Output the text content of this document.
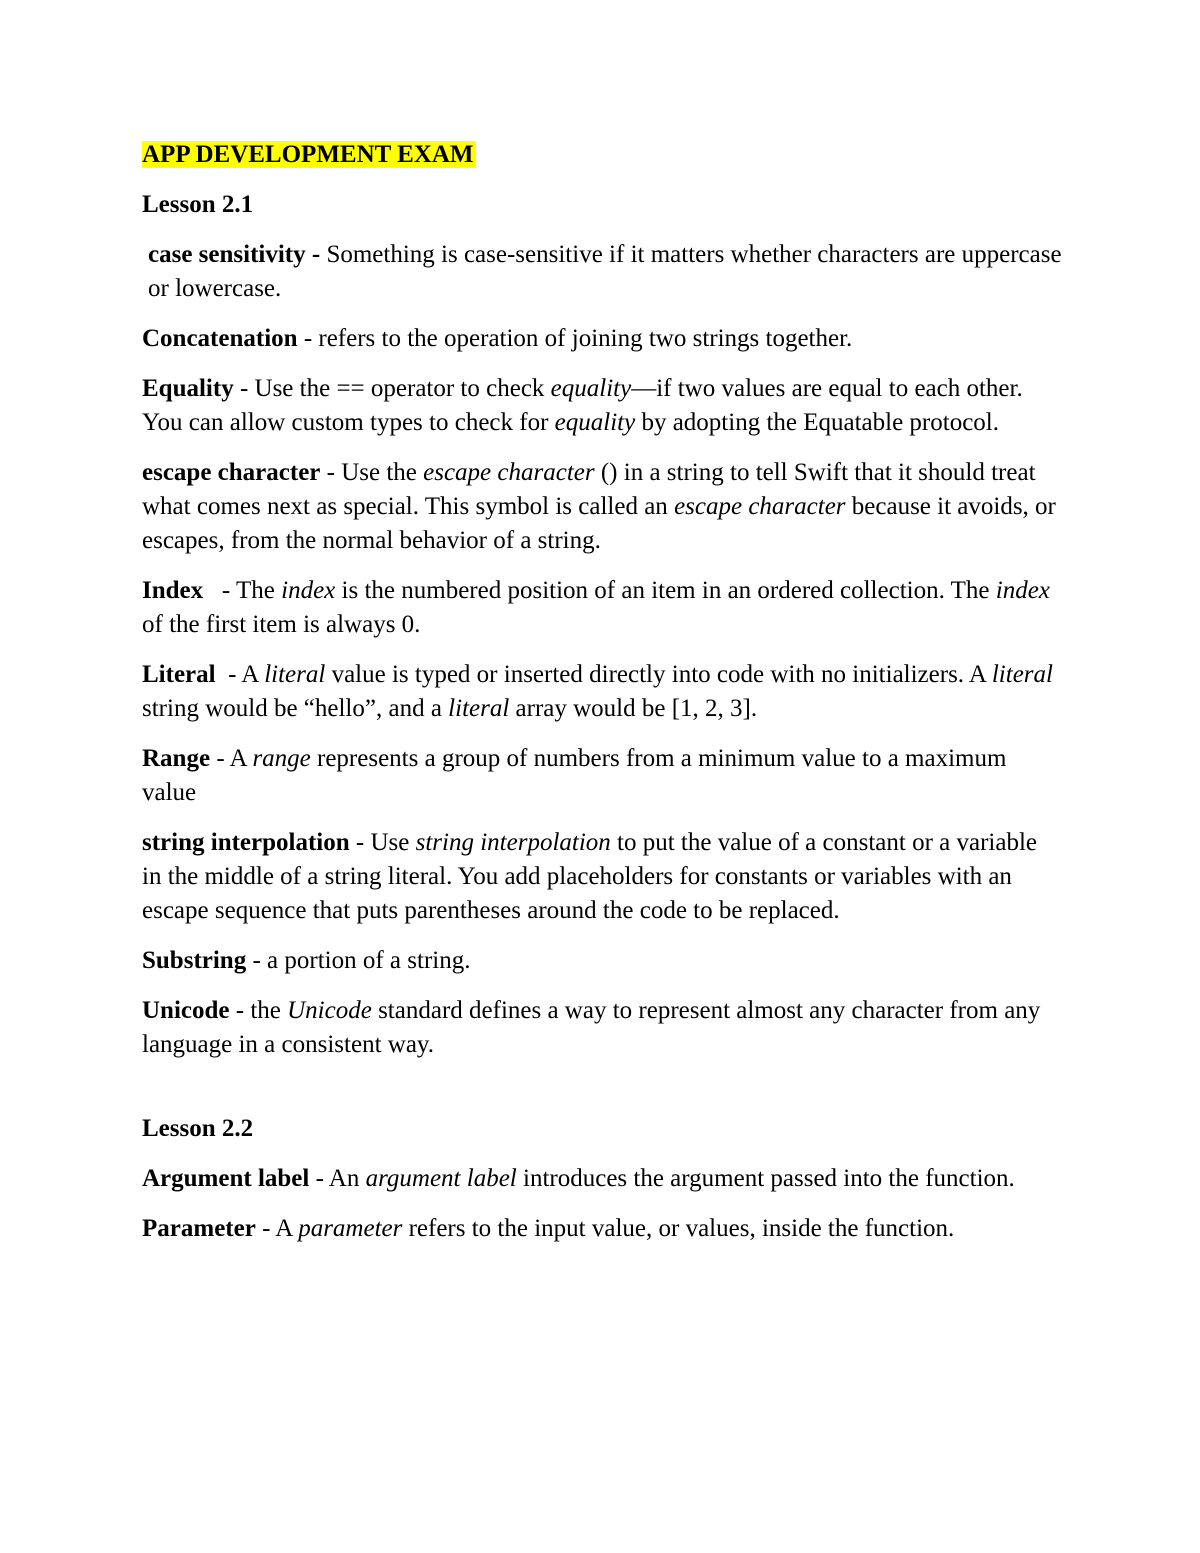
APP DEVELOPMENT EXAM
Lesson 2.1

case sensitivity - Something is case-sensitive if it matters whether characters are uppercase or lowercase.

Concatenation - refers to the operation of joining two strings together.

Equality - Use the == operator to check equality—if two values are equal to each other. You can allow custom types to check for equality by adopting the Equatable protocol.

escape character - Use the escape character () in a string to tell Swift that it should treat what comes next as special. This symbol is called an escape character because it avoids, or escapes, from the normal behavior of a string.

Index   - The index is the numbered position of an item in an ordered collection. The index of the first item is always 0.

Literal  - A literal value is typed or inserted directly into code with no initializers. A literal string would be “hello”, and a literal array would be [1, 2, 3].

Range - A range represents a group of numbers from a minimum value to a maximum value

string interpolation - Use string interpolation to put the value of a constant or a variable in the middle of a string literal. You add placeholders for constants or variables with an escape sequence that puts parentheses around the code to be replaced.

Substring - a portion of a string.

Unicode - the Unicode standard defines a way to represent almost any character from any language in a consistent way.

Lesson 2.2

Argument label - An argument label introduces the argument passed into the function.

Parameter - A parameter refers to the input value, or values, inside the function.
